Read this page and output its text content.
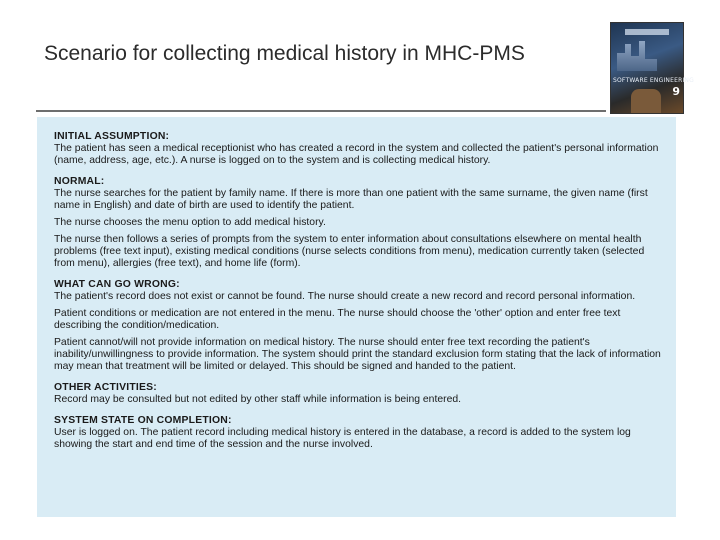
Scenario for collecting medical history in MHC-PMS
SOFTWARE ENGINEERING
9
INITIAL ASSUMPTION:

The patient has seen a medical receptionist who has created a record in the system and collected the patient's personal information (name, address, age, etc.). A nurse is logged on to the system and is collecting medical history.

NORMAL:

The nurse searches for the patient by family name. If there is more than one patient with the same surname, the given name (first name in English) and date of birth are used to identify the patient.

The nurse chooses the menu option to add medical history.

The nurse then follows a series of prompts from the system to enter information about consultations elsewhere on mental health problems (free text input), existing medical conditions (nurse selects conditions from menu), medication currently taken (selected from menu), allergies (free text), and home life (form).

WHAT CAN GO WRONG:

The patient's record does not exist or cannot be found. The nurse should create a new record and record personal information.

Patient conditions or medication are not entered in the menu. The nurse should choose the 'other' option and enter free text describing the condition/medication.

Patient cannot/will not provide information on medical history. The nurse should enter free text recording the patient's inability/unwillingness to provide information. The system should print the standard exclusion form stating that the lack of information may mean that treatment will be limited or delayed. This should be signed and handed to the patient.

OTHER ACTIVITIES:

Record may be consulted but not edited by other staff while information is being entered.

SYSTEM STATE ON COMPLETION:

User is logged on. The patient record including medical history is entered in the database, a record is added to the system log showing the start and end time of the session and the nurse involved.
